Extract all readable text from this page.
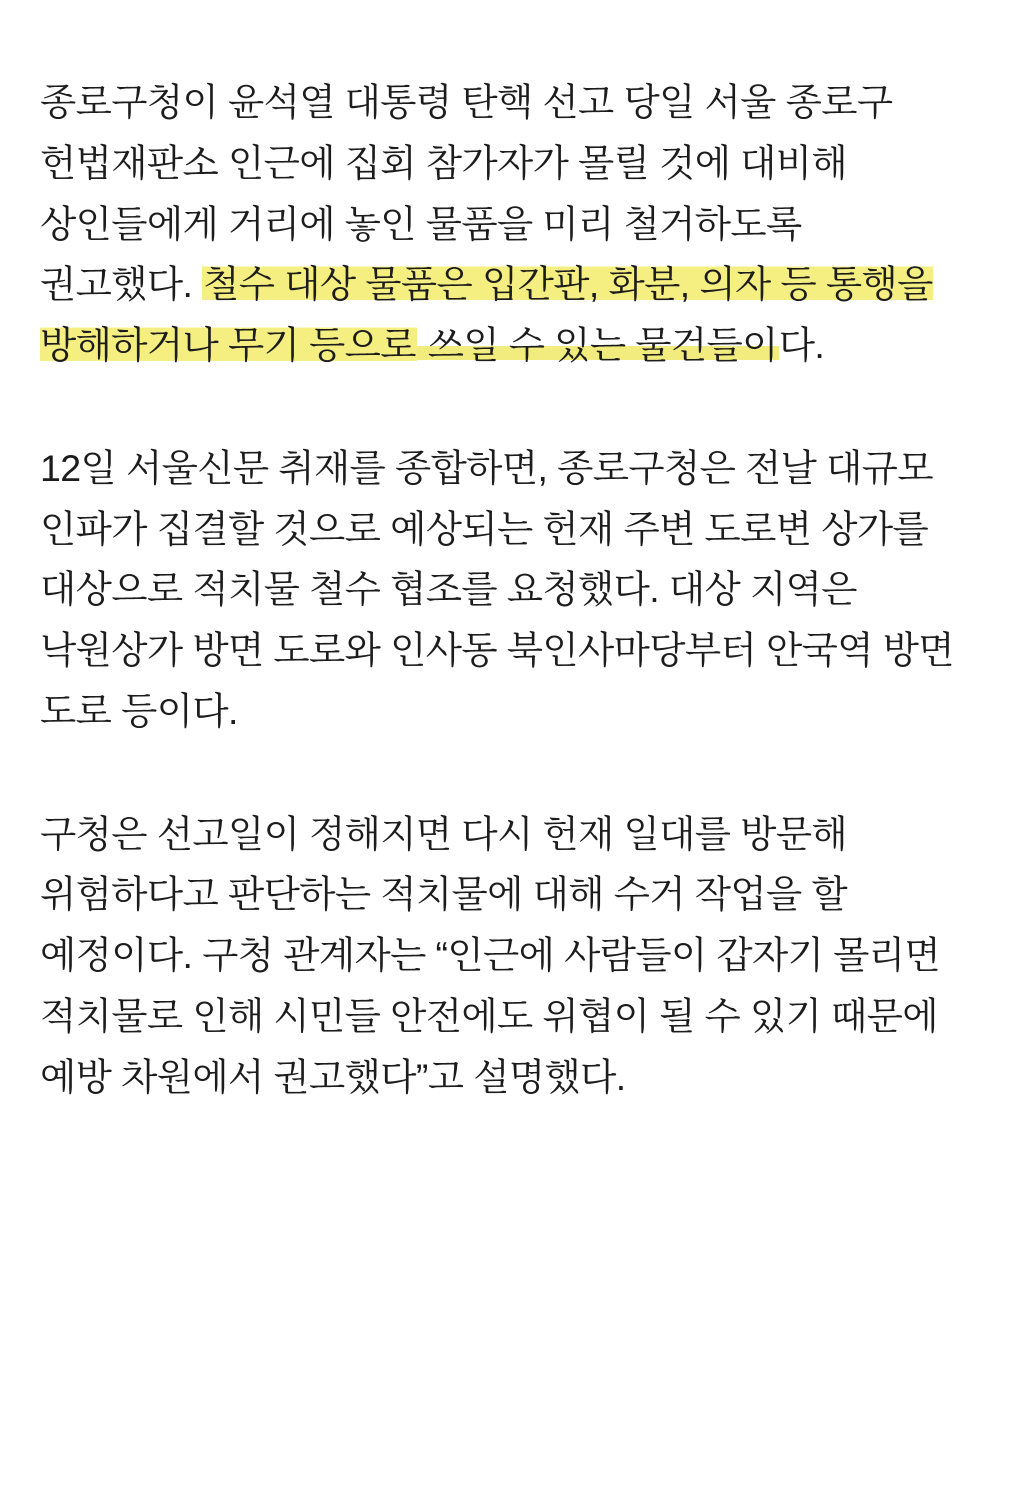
종로구청이 윤석열 대통령 탄핵 선고 당일 서울 종로구 헌법재판소 인근에 집회 참가자가 몰릴 것에 대비해 상인들에게 거리에 놓인 물품을 미리 철거하도록 권고했다. 철수 대상 물품은 입간판, 화분, 의자 등 통행을 방해하거나 무기 등으로 쓰일 수 있는 물건들이다.

12일 서울신문 취재를 종합하면, 종로구청은 전날 대규모 인파가 집결할 것으로 예상되는 헌재 주변 도로변 상가를 대상으로 적치물 철수 협조를 요청했다. 대상 지역은 낙원상가 방면 도로와 인사동 북인사마당부터 안국역 방면 도로 등이다.

구청은 선고일이 정해지면 다시 헌재 일대를 방문해 위험하다고 판단하는 적치물에 대해 수거 작업을 할 예정이다. 구청 관계자는 “인근에 사람들이 갑자기 몰리면 적치물로 인해 시민들 안전에도 위협이 될 수 있기 때문에 예방 차원에서 권고했다”고 설명했다.
